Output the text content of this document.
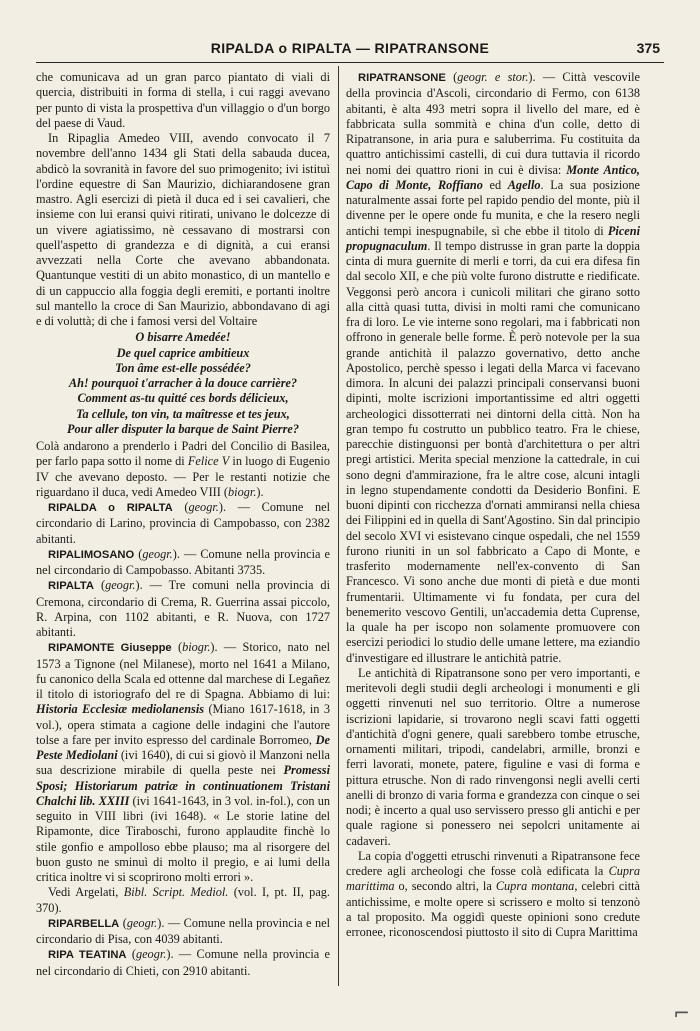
RIPALDA o RIPALTA — RIPATRANSONE	375

che comunicava ad un gran parco piantato di viali di quercia, distribuiti in forma di stella, i cui raggi avevano per punto di vista la prospettiva d'un villaggio o d'un borgo del paese di Vaud.

In Ripaglia Amedeo VIII, avendo convocato il 7 novembre dell'anno 1434 gli Stati della sabauda ducea, abdicò la sovranità in favore del suo primogenito; ivi istituì l'ordine equestre di San Maurizio, dichiarandosene gran mastro. Agli esercizi di pietà il duca ed i sei cavalieri, che insieme con lui eransi quivi ritirati, univano le dolcezze di un vivere agiatissimo, nè cessavano di mostrarsi con quell'aspetto di grandezza e di dignità, a cui eransi avvezzati nella Corte che avevano abbandonata. Quantunque vestiti di un abito monastico, di un mantello e di un cappuccio alla foggia degli eremiti, e portanti inoltre sul mantello la croce di San Maurizio, abbondavano di agi e di voluttà; di che i famosi versi del Voltaire

O bisarre Amedée!
De quel caprice ambitieux
Ton âme est-elle possédée?
Ah! pourquoi t'arracher à la douce carrière?
Comment as-tu quitté ces bords délicieux,
Ta cellule, ton vin, ta maîtresse et tes jeux,
Pour aller disputer la barque de Saint Pierre?

Colà andarono a prenderlo i Padri del Concilio di Basilea, per farlo papa sotto il nome di Felice V in luogo di Eugenio IV che avevano deposto. — Per le restanti notizie che riguardano il duca, vedi Amedeo VIII (biogr.).

RIPALDA o RIPALTA (geogr.). — Comune nel circondario di Larino, provincia di Campobasso, con 2382 abitanti.

RIPALIMOSANO (geogr.). — Comune nella provincia e nel circondario di Campobasso. Abitanti 3735.

RIPALTA (geogr.). — Tre comuni nella provincia di Cremona, circondario di Crema, R. Guerrina assai piccolo, R. Arpina, con 1102 abitanti, e R. Nuova, con 1727 abitanti.

RIPAMONTE Giuseppe (biogr.). — Storico, nato nel 1573 a Tignone (nel Milanese), morto nel 1641 a Milano, fu canonico della Scala ed ottenne dal marchese di Legañez il titolo di istoriografo del re di Spagna. Abbiamo di lui: Historia Ecclesiæ mediolanensis (Miano 1617-1618, in 3 vol.), opera stimata a cagione delle indagini che l'autore tolse a fare per invito espresso del cardinale Borromeo, De Peste Mediolani (ivi 1640), di cui si giovò il Manzoni nella sua descrizione mirabile di quella peste nei Promessi Sposi; Historiarum patriæ in continuationem Tristani Chalchi lib. XXIII (ivi 1641-1643, in 3 vol. in-fol.), con un seguito in VIII libri (ivi 1648). « Le storie latine del Ripamonte, dice Tiraboschi, furono applaudite finchè lo stile gonfio e ampolloso ebbe plauso; ma al risorgere del buon gusto ne sminuì di molto il pregio, e ai lumi della critica inoltre vi si scoprirono molti errori ».

Vedi Argelati, Bibl. Script. Mediol. (vol. I, pt. II, pag. 370).

RIPARBELLA (geogr.). — Comune nella provincia e nel circondario di Pisa, con 4039 abitanti.

RIPA TEATINA (geogr.). — Comune nella provincia e nel circondario di Chieti, con 2910 abitanti.

RIPATRANSONE (geogr. e stor.). — Città vescovile della provincia d'Ascoli, circondario di Fermo, con 6138 abitanti, è alta 493 metri sopra il livello del mare, ed è fabbricata sulla sommità e china d'un colle, detto di Ripatransone, in aria pura e saluberrima. Fu costituita da quattro antichissimi castelli, di cui dura tuttavia il ricordo nei nomi dei quattro rioni in cui è divisa: Monte Antico, Capo di Monte, Roffiano ed Agello. La sua posizione naturalmente assai forte pel rapido pendio del monte, più il divenne per le opere onde fu munita, e che la resero negli antichi tempi inespugnabile, sì che ebbe il titolo di Piceni propugnaculum. Il tempo distrusse in gran parte la doppia cinta di mura guernite di merli e torri, da cui era difesa fin dal secolo XII, e che più volte furono distrutte e riedificate. Veggonsi però ancora i cunicoli militari che girano sotto alla città quasi tutta, divisi in molti rami che comunicano fra di loro. Le vie interne sono regolari, ma i fabbricati non offrono in generale belle forme. È però notevole per la sua grande antichità il palazzo governativo, detto anche Apostolico, perchè spesso i legati della Marca vi facevano dimora. In alcuni dei palazzi principali conservansi buoni dipinti, molte iscrizioni importantissime ed altri oggetti archeologici dissotterrati nei dintorni della città. Non ha gran tempo fu costrutto un pubblico teatro. Fra le chiese, parecchie distinguonsi per bontà d'architettura o per altri pregi artistici. Merita special menzione la cattedrale, in cui sono degni d'ammirazione, fra le altre cose, alcuni intagli in legno stupendamente condotti da Desiderio Bonfini. E buoni dipinti con ricchezza d'ornati ammiransi nella chiesa dei Filippini ed in quella di Sant'Agostino. Sin dal principio del secolo XVI vi esistevano cinque ospedali, che nel 1559 furono riuniti in un sol fabbricato a Capo di Monte, e trasferito modernamente nell'ex-convento di San Francesco. Vi sono anche due monti di pietà e due monti frumentarii. Ultimamente vi fu fondata, per cura del benemerito vescovo Gentili, un'accademia detta Cuprense, la quale ha per iscopo non solamente promuovere con esercizi periodici lo studio delle umane lettere, ma eziandio d'investigare ed illustrare le antichità patrie.

Le antichità di Ripatransone sono per vero importanti, e meritevoli degli studii degli archeologi i monumenti e gli oggetti rinvenuti nel suo territorio. Oltre a numerose iscrizioni lapidarie, si trovarono negli scavi fatti oggetti d'antichità d'ogni genere, quali sarebbero tombe etrusche, ornamenti militari, tripodi, candelabri, armille, bronzi e ferri lavorati, monete, patere, figuline e vasi di forma e pittura etrusche. Non di rado rinvengonsi negli avelli certi anelli di bronzo di varia forma e grandezza con cinque o sei nodi; è incerto a qual uso servissero presso gli antichi e per quale ragione si ponessero nei sepolcri unitamente ai cadaveri.

La copia d'oggetti etruschi rinvenuti a Ripatransone fece credere agli archeologi che fosse colà edificata la Cupra marittima o, secondo altri, la Cupra montana, celebri città antichissime, e molte opere si scrissero e molto si tenzonò a tal proposito. Ma oggidì queste opinioni sono credute erronee, riconoscendosi piuttosto il sito di Cupra Marittima

⌐
